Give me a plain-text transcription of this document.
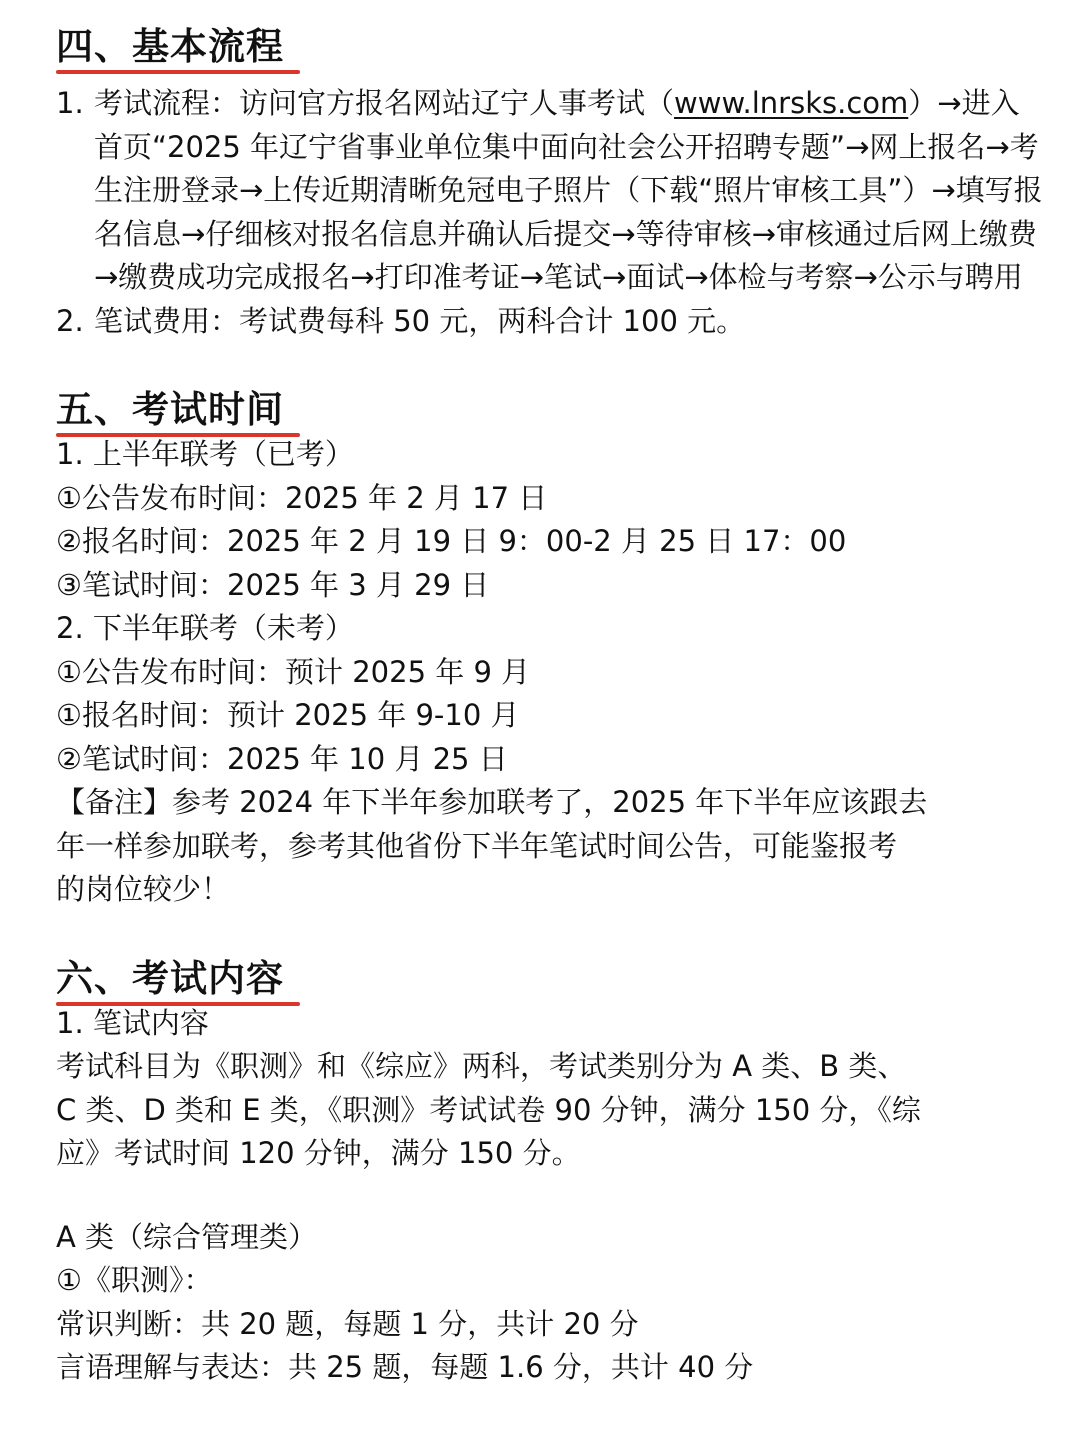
四、基本流程
1. 考试流程：访问官方报名网站辽宁人事考试（www.lnrsks.com）→进入首页“2025 年辽宁省事业单位集中面向社会公开招聘专题”→网上报名→考生注册登录→上传近期清晰免冠电子照片（下载“照片审核工具”）→填写报名信息→仔细核对报名信息并确认后提交→等待审核→审核通过后网上缴费→缴费成功完成报名→打印准考证→笔试→面试→体检与考察→公示与聘用
2. 笔试费用：考试费每科 50 元，两科合计 100 元。
五、考试时间
1. 上半年联考（已考）
①公告发布时间：2025 年 2 月 17 日
②报名时间：2025 年 2 月 19 日 9：00-2 月 25 日 17：00
③笔试时间：2025 年 3 月 29 日
2. 下半年联考（未考）
①公告发布时间：预计 2025 年 9 月
①报名时间：预计 2025 年 9-10 月
②笔试时间：2025 年 10 月 25 日
【备注】参考 2024 年下半年参加联考了，2025 年下半年应该跟去
年一样参加联考，参考其他省份下半年笔试时间公告，可能鉴报考
的岗位较少！
六、考试内容
1. 笔试内容
考试科目为《职测》和《综应》两科，考试类别分为 A 类、B 类、
C 类、D 类和 E 类，《职测》考试试卷 90 分钟，满分 150 分，《综
应》考试时间 120 分钟，满分 150 分。
A 类（综合管理类）
①《职测》：
常识判断：共 20 题，每题 1 分，共计 20 分
言语理解与表达：共 25 题，每题 1.6 分，共计 40 分
